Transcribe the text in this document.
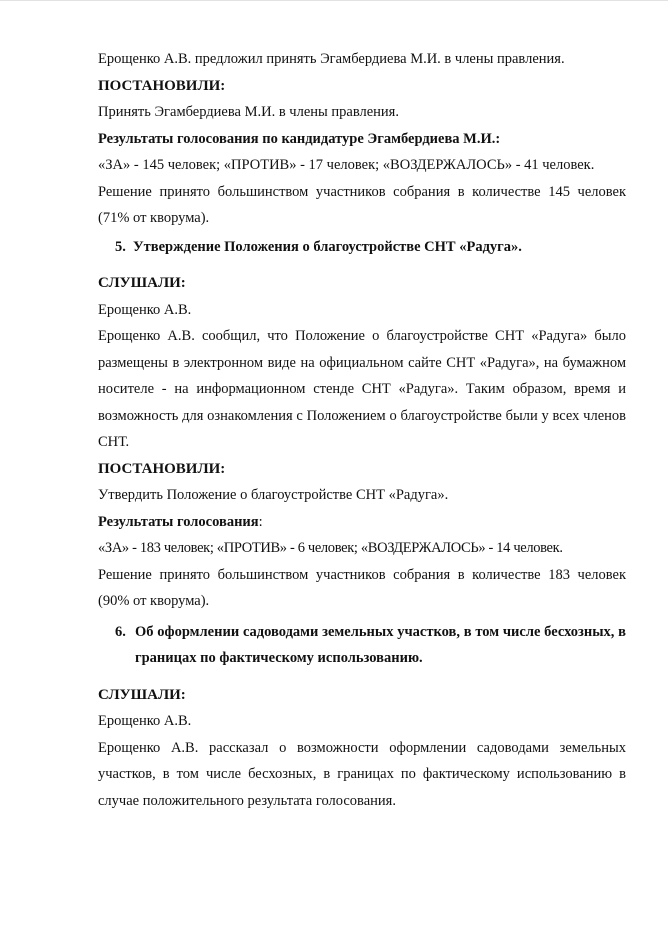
Ерощенко А.В. предложил принять Эгамбердиева М.И. в члены правления.

ПОСТАНОВИЛИ:

Принять Эгамбердиева М.И. в члены правления.

Результаты голосования по кандидатуре Эгамбердиева М.И.:

«ЗА» - 145 человек; «ПРОТИВ» - 17 человек; «ВОЗДЕРЖАЛОСЬ» - 41 человек.

Решение принято большинством участников собрания в количестве 145 человек (71% от кворума).

5. Утверждение Положения о благоустройстве СНТ «Радуга».

СЛУШАЛИ:

Ерощенко А.В.

Ерощенко А.В. сообщил, что Положение о благоустройстве СНТ «Радуга» было размещены в электронном виде на официальном сайте СНТ «Радуга», на бумажном носителе - на информационном стенде СНТ «Радуга». Таким образом, время и возможность для ознакомления с Положением о благоустройстве были у всех членов СНТ.

ПОСТАНОВИЛИ:

Утвердить Положение о благоустройстве СНТ «Радуга».

Результаты голосования:

«ЗА» - 183 человек; «ПРОТИВ» - 6 человек; «ВОЗДЕРЖАЛОСЬ» - 14 человек.

Решение принято большинством участников собрания в количестве 183 человек (90% от кворума).

6. Об оформлении садоводами земельных участков, в том числе бесхозных, в границах по фактическому использованию.

СЛУШАЛИ:

Ерощенко А.В.

Ерощенко А.В. рассказал о возможности оформлении садоводами земельных участков, в том числе бесхозных, в границах по фактическому использованию в случае положительного результата голосования.
